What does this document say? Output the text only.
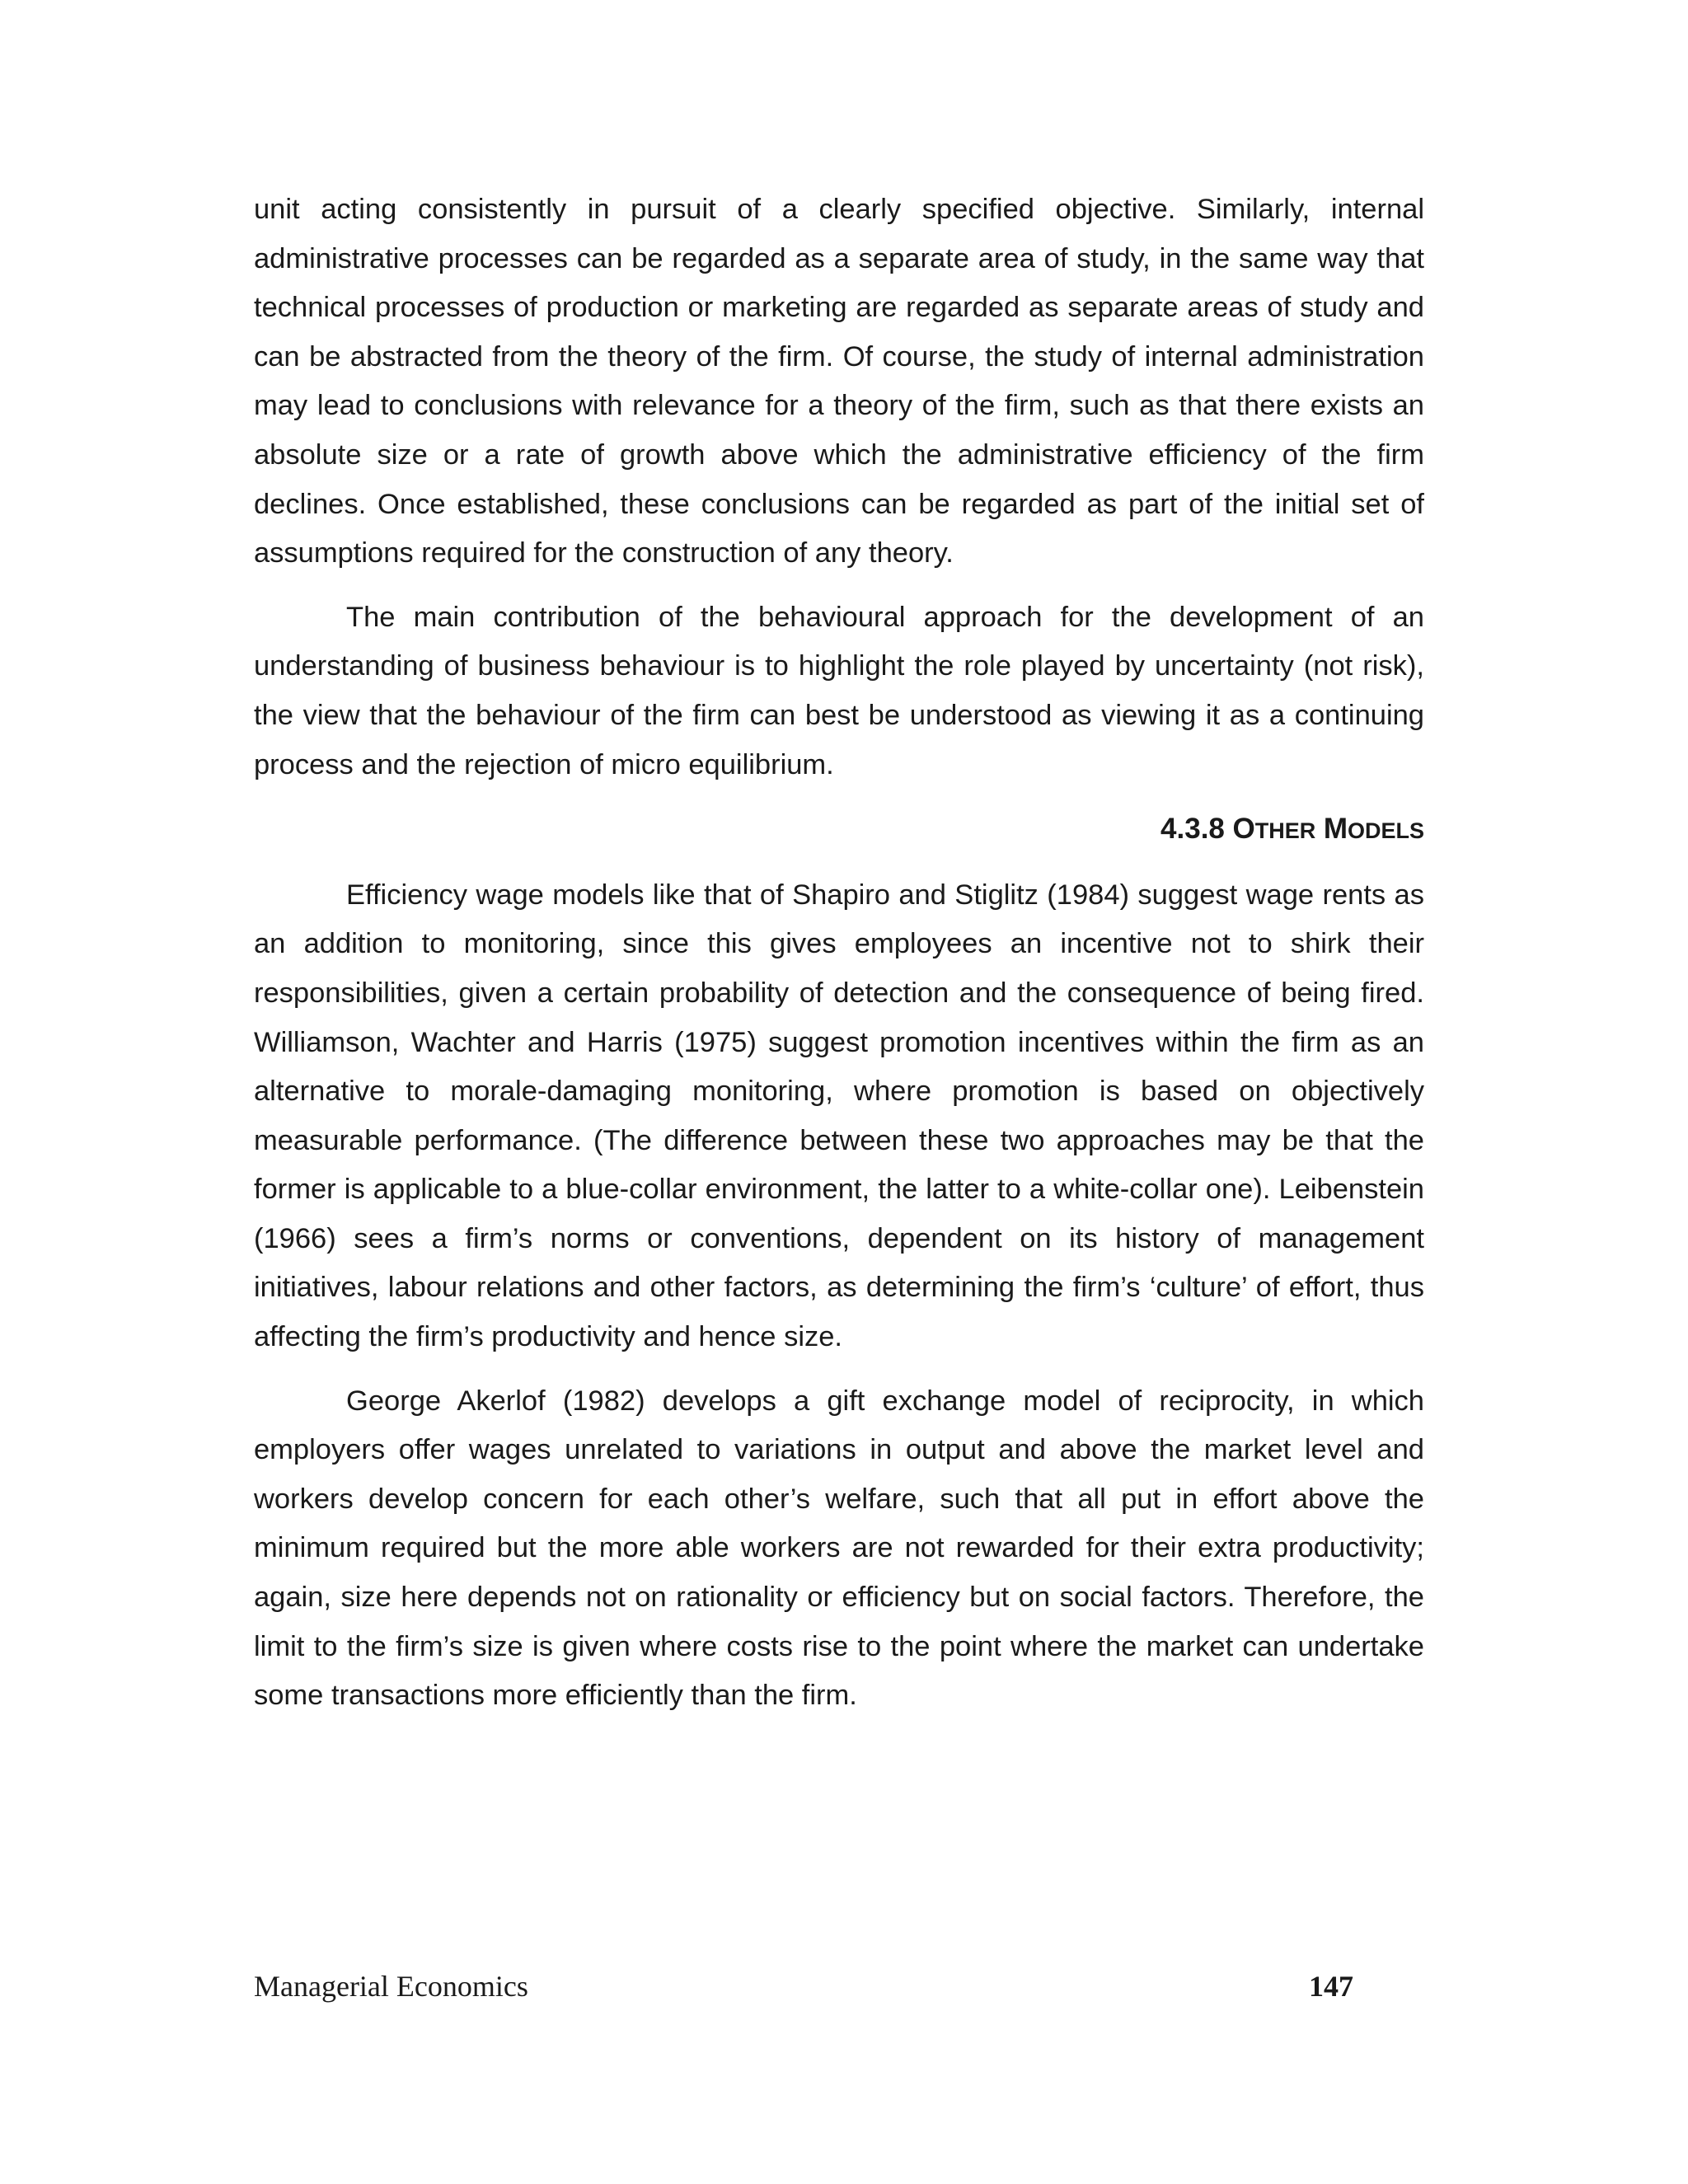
unit acting consistently in pursuit of a clearly specified objective. Similarly, internal administrative processes can be regarded as a separate area of study, in the same way that technical processes of production or marketing are regarded as separate areas of study and can be abstracted from the theory of the firm. Of course, the study of internal administration may lead to conclusions with relevance for a theory of the firm, such as that there exists an absolute size or a rate of growth above which the administrative efficiency of the firm declines. Once established, these conclusions can be regarded as part of the initial set of assumptions required for the construction of any theory.

The main contribution of the behavioural approach for the development of an understanding of business behaviour is to highlight the role played by uncertainty (not risk), the view that the behaviour of the firm can best be understood as viewing it as a continuing process and the rejection of micro equilibrium.

4.3.8 OTHER MODELS

Efficiency wage models like that of Shapiro and Stiglitz (1984) suggest wage rents as an addition to monitoring, since this gives employees an incentive not to shirk their responsibilities, given a certain probability of detection and the consequence of being fired. Williamson, Wachter and Harris (1975) suggest promotion incentives within the firm as an alternative to morale-damaging monitoring, where promotion is based on objectively measurable performance. (The difference between these two approaches may be that the former is applicable to a blue-collar environment, the latter to a white-collar one). Leibenstein (1966) sees a firm’s norms or conventions, dependent on its history of management initiatives, labour relations and other factors, as determining the firm’s ‘culture’ of effort, thus affecting the firm’s productivity and hence size.

George Akerlof (1982) develops a gift exchange model of reciprocity, in which employers offer wages unrelated to variations in output and above the market level and workers develop concern for each other’s welfare, such that all put in effort above the minimum required but the more able workers are not rewarded for their extra productivity; again, size here depends not on rationality or efficiency but on social factors. Therefore, the limit to the firm’s size is given where costs rise to the point where the market can undertake some transactions more efficiently than the firm.

Managerial Economics	147
